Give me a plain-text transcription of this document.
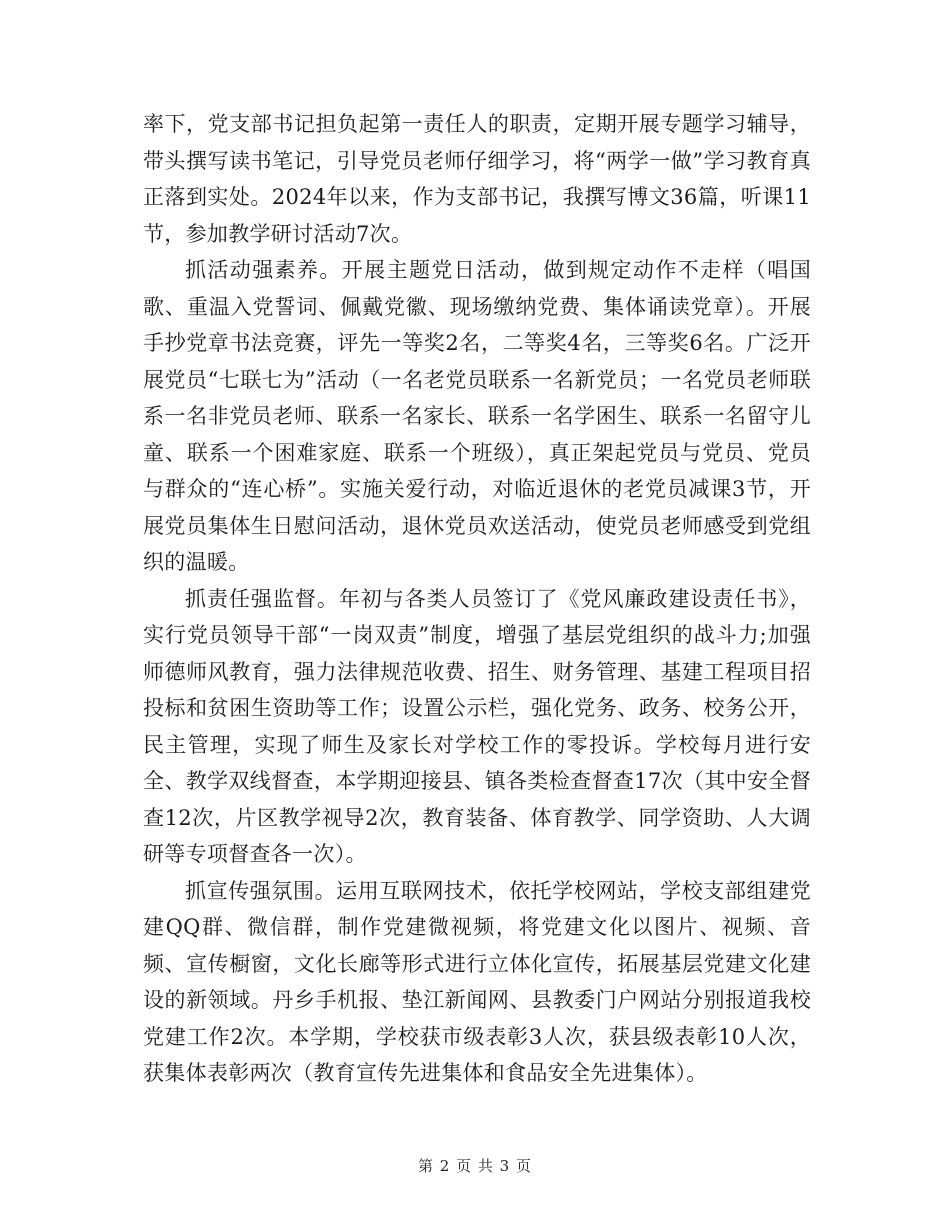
率下，党支部书记担负起第一责任人的职责，定期开展专题学习辅导，带头撰写读书笔记，引导党员老师仔细学习，将“两学一做”学习教育真正落到实处。2024年以来，作为支部书记，我撰写博文36篇，听课11节，参加教学研讨活动7次。

抓活动强素养。开展主题党日活动，做到规定动作不走样（唱国歌、重温入党誓词、佩戴党徽、现场缴纳党费、集体诵读党章）。开展手抄党章书法竞赛，评先一等奖2名，二等奖4名，三等奖6名。广泛开展党员“七联七为”活动（一名老党员联系一名新党员；一名党员老师联系一名非党员老师、联系一名家长、联系一名学困生、联系一名留守儿童、联系一个困难家庭、联系一个班级），真正架起党员与党员、党员与群众的“连心桥”。实施关爱行动，对临近退休的老党员减课3节，开展党员集体生日慰问活动，退休党员欢送活动，使党员老师感受到党组织的温暖。

抓责任强监督。年初与各类人员签订了《党风廉政建设责任书》，实行党员领导干部“一岗双责”制度，增强了基层党组织的战斗力;加强师德师风教育，强力法律规范收费、招生、财务管理、基建工程项目招投标和贫困生资助等工作；设置公示栏，强化党务、政务、校务公开，民主管理，实现了师生及家长对学校工作的零投诉。学校每月进行安全、教学双线督查，本学期迎接县、镇各类检查督查17次（其中安全督查12次，片区教学视导2次，教育装备、体育教学、同学资助、人大调研等专项督查各一次）。

抓宣传强氛围。运用互联网技术，依托学校网站，学校支部组建党建QQ群、微信群，制作党建微视频，将党建文化以图片、视频、音频、宣传橱窗，文化长廊等形式进行立体化宣传，拓展基层党建文化建设的新领域。丹乡手机报、垫江新闻网、县教委门户网站分别报道我校党建工作2次。本学期，学校获市级表彰3人次，获县级表彰10人次，获集体表彰两次（教育宣传先进集体和食品安全先进集体）。

第 2 页 共 3 页
